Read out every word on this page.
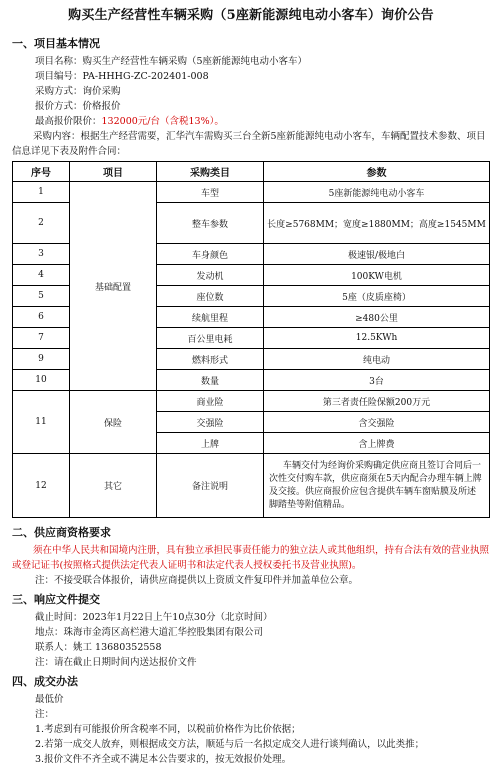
购买生产经营性车辆采购（5座新能源纯电动小客车）询价公告
一、项目基本情况

项目名称：购买生产经营性车辆采购（5座新能源纯电动小客车）

项目编号：PA-HHHG-ZC-202401-008

采购方式：询价采购

报价方式：价格报价

最高报价限价：132000元/台（含税13%）。

采购内容：根据生产经营需要，汇华汽车需购买三台全新5座新能源纯电动小客车，车辆配置技术参数、项目信息详见下表及附件合同：

序号	项目	采购类目	参数
1	基础配置	车型	5座新能源纯电动小客车
2		整车参数	长度≥5768MM；宽度≥1880MM；高度≥1545MM
3		车身颜色	极速银/极地白
4		发动机	100KW电机
5		座位数	5座（皮质座椅）
6		续航里程	≥480公里
7		百公里电耗	12.5KWh
9		燃料形式	纯电动
10		数量	3台
11	保险	商业险	第三者责任险保额200万元
		交强险	含交强险
		上牌	含上牌费
12	其它	备注说明	车辆交付为经询价采购确定供应商且签订合同后一次性交付购车款，供应商须在5天内配合办理车辆上牌及交接。供应商报价应包含提供车辆车窗贴膜及所述脚踏垫等附值精品。
二、供应商资格要求

须在中华人民共和国境内注册，具有独立承担民事责任能力的独立法人或其他组织，持有合法有效的营业执照或登记证书(按照格式提供法定代表人证明书和法定代表人授权委托书及营业执照)。

注：不接受联合体报价，请供应商提供以上资质文件复印件并加盖单位公章。

三、响应文件提交

截止时间：2023年1月22日上午10点30分（北京时间）

地点：珠海市金湾区高栏港大道汇华控股集团有限公司

联系人：姚工 13680352558

注：请在截止日期时间内送达报价文件

四、成交办法

最低价

注：

1.考虑到有可能报价所含税率不同，以税前价格作为比价依据；

2.若第一成交人放弃，则根据成交方法，顺延与后一名拟定成交人进行谈判确认，以此类推；

3.报价文件不齐全或不满足本公告要求的，按无效报价处理。
